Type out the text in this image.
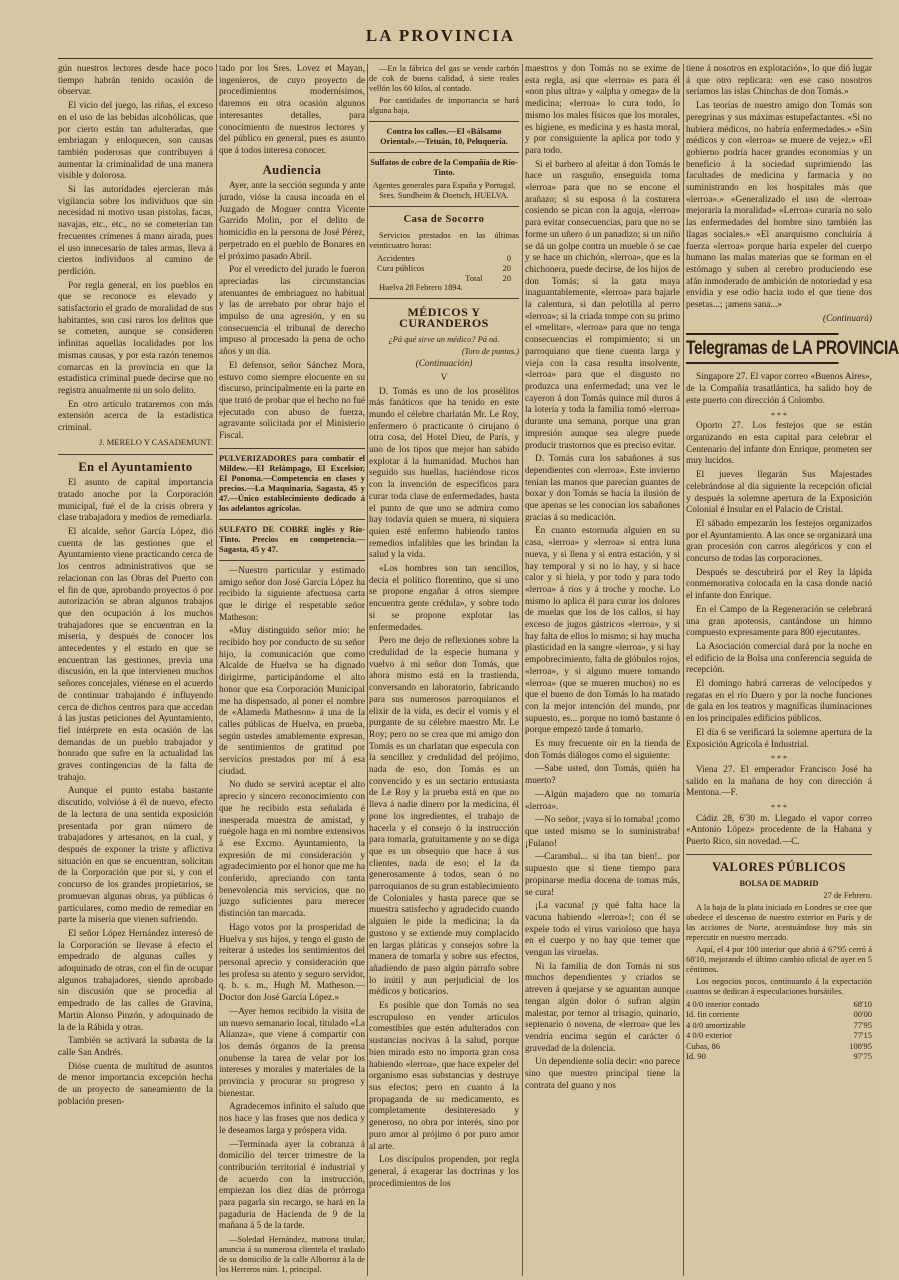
LA PROVINCIA

gún nuestros lectores desde hace poco tiempo habrán tenido ocasión de observar.

El vicio del juego, las riñas, el exceso en el uso de las bebidas alcohólicas, que por cierto están tan adulteradas, que embriagan y enloquecen, son causas también poderosas que contribuyen á aumentar la criminalidad de una manera visible y dolorosa.

Si las autoridades ejercieran más vigilancia sobre los individuos que sin necesidad ni motivo usan pistolas, facas, navajas, etc., etc., no se cometerían tan frecuentes crímenes á mano airada, pues el uso innecesario de tales armas, lleva á ciertos individuos al camino de perdición.

Por regla general, en los pueblos en que se reconoce es elevado y satisfactorio el grado de moralidad de sus habitantes, son casi raros los delitos que se cometen, aunque se consideren infinitas aquellas localidades por los mismas causas, y por esta razón tenemos comarcas en la provincia en que la estadística criminal puede decirse que no registra anualmente ni un solo delito.

En otro artículo trataremos con más extensión acerca de la estadística criminal.

J. MERELO Y CASADEMUNT.
En el Ayuntamiento

El asunto de capital importancia tratado anoche por la Corporación municipal, fué el de la crisis obrera y clase trabajadora y medios de remediarla.

El alcalde, señor García López, dió cuenta de las gestiones que el Ayuntamiento viene practicando cerca de los centros administrativos que se relacionan con las Obras del Puerto con el fin de que, aprobando proyectos ó por autorización se abran algunos trabajos que den ocupación á los muchos trabajadores que se encuentran en la miseria, y después de conocer los antecedentes y el estado en que se encuentran las gestiones, previa una discusión, en la que intervienen muchos señores concejales, viénese en el acuerdo de continuar trabajando é influyendo cerca de dichos centros para que accedan á las justas peticiones del Ayuntamiento, fiel intérprete en esta ocasión de las demandas de un pueblo trabajador y honrado que sufre en la actualidad las graves contingencias de la falta de trabajo.

Aunque el punto estaba bastante discutido, volvióse á él de nuevo, efecto de la lectura de una sentida exposición presentada por gran número de trabajadores y artesanos, en la cual, y después de exponer la triste y aflictiva situación en que se encuentran, solicitan de la Corporación que por sí, y con el concurso de los grandes propietarios, se promuevan algunas obras, ya públicas ó particulares, como medio de remediar en parte la miseria que vienen sufriendo.

El señor López Hernández interesó de la Corporación se llevase á efecto el empedrado de algunas calles y adoquinado de otras, con el fin de ocupar algunos trabajadores, siendo aprobado sin discusión que se procedia al empedrado de las calles de Gravina, Martín Alonso Pinzón, y adoquinado de la de la Rábida y otras.

También se activará la subasta de la calle San Andrés.

Dióse cuenta de multitud de asuntos de menor importancia excepción hecha de un proyecto de saneamiento de la población presen-

tado por los Sres. Lovez et Mayan, ingenieros, de cuyo proyecto de procedimientos modernísimos, daremos en otra ocasión algunos interesantes detalles, para conocimiento de nuestros lectores y del público en general, pues es asunto que á todos interesa conocer.

Audiencia

Ayer, ante la sección segunda y ante jurado, vióse la causa incoada en el Juzgado de Moguer contra Vicente Garrido Molin, por el delito de homicidio en la persona de José Pérez, perpetrado en el pueblo de Bonares en el próximo pasado Abril.

Por el veredicto del jurado le fueron apreciadas las circunstancias atenuantes de embriaguez no habitual y las de arrebato por obrar bajo el impulso de una agresión, y en su consecuencia el tribunal de derecho impuso al procesado la pena de ocho años y un día.

El defensor, señor Sánchez Mora, estuvo como siempre elocuente en su discurso, principalmente en la parte en que trató de probar que el hecho no fué ejecutado con abuso de fuerza, agravante solicitada por el Ministerio Fiscal.

PULVERIZADORES para combatir el Mildew.—El Relámpago, El Excelsior, El Ponoma.—Competencia en clases y precios.—La Maquinaria, Sagasta, 45 y 47.—Único establecimiento dedicado á los adelantos agrícolas.
SULFATO DE COBRE inglés y Río-Tinto. Precios en competencia.—Sagasta, 45 y 47.

—Nuestro particular y estimado amigo señor don José García López ha recibido la siguiente afectuosa carta que le dirige el respetable señor Matheson:

«Muy distinguido señor mío: he recibido hoy por conducto de su señor hijo, la comunicación que como Alcalde de Huelva se ha dignado dirigirme, participándome el alto honor que esa Corporación Municipal me ha dispensado, al poner el nombre de «Alameda Matheson» á una de la calles públicas de Huelva, en prueba, según ustedes amablemente expresan, de sentimientos de gratitud por servicios prestados por mí á esa ciudad.

No dudo se servirá aceptar el alto aprecio y sincero reconocimiento con que he recibido esta señalada é inesperada muestra de amistad, y ruégole haga en mi nombre extensivos á ese Excmo. Ayuntamiento, la expresión de mi consideración y agradecimiento por el honor que me ha conferido, apreciando con tanta benevolencia mis servicios, que no juzgo suficientes para merecer distinción tan marcada.

Hago votos por la prosperidad de Huelva y sus hijos, y tengo el gusto de reiterar á ustedes los sentimientos del personal aprecio y consideración que les profesa su atento y seguro servidor, q. b. s. m., Hugh M. Matheson.—Doctor don José García López.»

—Ayer hemos recibido la visita de un nuevo semanario local, titulado «La Alianza», que viene á compartir con los demás órganos de la prensa onubense la tarea de velar por los intereses y morales y materiales de la provincia y procurar su progreso y bienestar.

Agradecemos infinito el saludo que nos hace y las frases que nos dedica y le deseamos larga y próspera vida.

—Terminada ayer la cobranza á domicilio del tercer trimestre de la contribución territorial é industrial y de acuerdo con la instrucción, empiezan los diez días de prórroga para pagarla sin recargo, se hará en la pagaduría de Hacienda de 9 de la mañana á 5 de la tarde.

—Soledad Hernández, matrona titular, anuncia á su numerosa clientela el traslado de su domicilio de la calle Alborroz á la de los Herreros núm. 1, principal.

—En la fábrica del gas se vende carbón de cok de buena calidad, á siete reales vellón los 60 kilos, al contado.

Por cantidades de importancia se hará alguna baja.

Contra los callos.—El «Bálsamo Oriental».—Tetuán, 10, Peluquería.
Sulfatos de cobre de la Compañía de Río-Tinto.
Agentes generales para España y Portugal, Sres. Sundheim & Doetsch, HUELVA.
Casa de Socorro

Servicios prestados en las últimas veinticuatro horas:

Accidentes	0
Cura públicos	20
Total 20

Huelva 28 Febrero 1894.

MÉDICOS Y CURANDEROS

¿Pá qué sirve un médico? Pá ná.

(Toro de puntas.)

(Continuación)

V

D. Tomás es uno de los prosélitos más fanáticos que ha tenido en este mundo el célebre charlatán Mr. Le Roy, enfermero ó practicante ó cirujano ó otra cosa, del Hotel Dieu, de París, y uno de los tipos que mejor han sabido explotar á la humanidad. Muchos han seguido sus huellas, haciéndose ricos con la invención de específicos para curar toda clase de enfermedades, hasta el punto de que uno se admira como hay todavía quien se muera, ni siquiera quien esté enfermo habiendo tantos remedios infalibles que les brindan la salud y la vida.

«Los hombres son tan sencillos, decía el político florentino, que si uno se propone engañar á otros siempre encuentra gente crédula», y sobre todo si se propone explotar las enfermedades.

Pero me dejo de reflexiones sobre la credulidad de la especie humana y vuelvo á mi señor don Tomás, que ahora mismo está en la trastienda, conversando en laboratorio, fabricando para sus numerosos parroquianos el elixir de la vida, es decir el vomis y el purgante de su célebre maestro Mr. Le Roy; pero no se crea que mi amigo don Tomás es un charlatan que especula con la sencillez y credulidad del prójimo, nada de eso, don Tomás es un convencido y es un sectario entusiasta de Le Roy y la prueba está en que no lleva á nadie dinero por la medicina, él pone los ingredientes, el trabajo de hacerla y el consejo ó la instrucción para tomarla, gratuitamente y no se diga que es un obsequio que hace á sus clientes, nada de eso; el la da generosamente á todos, sean ó no parroquianos de su gran establecimiento de Coloniales y hasta parece que se muestra satisfecho y agradecido cuando alguien le pide la medicina; la da gustoso y se extiende muy complacido en largas pláticas y consejos sobre la manera de tomarla y sobre sus efectos, añadiendo de paso algún párrafo sobre lo inútil y aun perjudicial de los médicos y boticarios.

Es posible que don Tomás no sea escrupuloso en vender artículos comestibles que estén adulterados con sustancias nocivas á la salud, porque bien mirado esto no importa gran cosa habiendo «lerroa», que hace expeler del organismo esas substancias y destruye sus efectos; pero en cuanto á la propaganda de su medicamento, es completamente desinteresado y generoso, no obra por interés, sino por puro amor al prójimo ó por puro amor al arte.

Los discípulos propenden, por regla general, á exagerar las doctrinas y los procedimientos de los

maestros y don Tomás no se exime de esta regla, así que «lerroa» es para él «non plus ultra» y «alpha y omega» de la medicina; «lerroa» lo cura todo, lo mismo los males físicos que los morales, es higiene, es medicina y es hasta moral, y por consiguiente la aplica por todo y para todo.

Si el barbero al afeitar á don Tomás le hace un rasguño, enseguida toma «lerroa» para que no se encone el arañazo; si su esposa ó la costurera cosiendo se pican con la aguja, «lerroa» para evitar consecuencias, para que no se forme un uñero ó un panadizo; si un niño se dá un golpe contra un mueble ó se cae y se hace un chichón, «lerroa», que es la chichonera, puede decirse, de los hijos de don Tomás; si la gata maya inaguantablemente, «lerroa» para bajarle la calentura, si dan pelotilla al perro «lerroa»; si la criada tompe con su primo el «melitar», «lerroa» para que no tenga consecuencias el rompimiento; si un parroquiano que tiene cuenta larga y vieja con la casa resulta insolvente, «lerroa» para que el disgusto no produzca una enfermedad; una vez le cayeron á don Tomás quince mil duros á la lotería y toda la familia tomó «lerroa» durante una semana, porque una gran impresión aunque sea alegre puede producir trastornos que es preciso evitar.

D. Tomás cura los sabañones á sus dependientes con «lerroa». Este invierno tenían las manos que parecían guantes de boxar y don Tomás se hacía la ilusión de que apenas se les conocían los sabañones gracias á su medicación.

En cuanto estornuda alguien en su casa, «lerroa» y «lerroa» si entra luna nueva, y si llena y si entra estación, y si hay temporal y si no lo hay, y si hace calor y si hiela, y por todo y para todo «lerroa» á ríos y á troche y moche. Lo mismo lo aplica él para curar los dolores de muelas que los de los callos, si hay exceso de jugos gástricos «lerroa», y si hay falta de ellos lo mismo; si hay mucha plasticidad en la sangre «lerroa», y si hay empobrecimiento, falta de glóbulos rojos, «lerroa», y si alguno muere tomando «lerroa» (que se mueren muchos) no es que el bueno de don Tomás lo ha matado con la mejor intención del mundo, por supuesto, es... porque no tomó bastante ó porque empezó tarde á tomarlo.

Es muy frecuente oir en la tienda de don Tomás diálogos como el siguiente:

—Sabe usted, don Tomás, quién ha muerto?

—Algún majadero que no tomaría «lerroa».

—No señor, ¡vaya si lo tomaba! ¡como que usted mismo se lo suministraba! ¡Fulano!

—Carambal... si iba tan bien!.. por supuesto que si tiene tiempo para propinarse media docena de tomas más, se cura!

¡La vacuna! ¡y qué falta hace la vacuna habiendo «lerroa»!; con él se expele todo el virus varioloso que haya en el cuerpo y no hay que temer que vengan las viruelas.

Ni la familia de don Tomás ni sus muchos dependientes y criados se atreven á quejarse y se aguantan aunque tengan algún dolor ó sufran algún malestar, por temor al trisagio, quinario, septenario ó novena, de «lerroa» que les vendría encima según el carácter ó gravedad de la dolencia.

Un dependiente solía decir: «no parece sino que nuestro principal tiene la contrata del guano y nos

tiene á nosotros en explotación», lo que dió lugar á que otro replicara: «en ese caso nosotros seríamos las islas Chinchas de don Tomás.»

Las teorías de nuestro amigo don Tomás son peregrinas y sus máximas estupefactantes. «Si no hubiera médicos, no habría enfermedades.» «Sin médicos y con «lerroa» se muere de vejez.» «El gobierno podría hacer grandes economías y un beneficio á la sociedad suprimiendo las facultades de medicina y farmacia y no suministrando en los hospitales más que «lerroa».» «Generalizado el uso de «lerroa» mejoraría la moralidad» «Lerroa» curaría no solo las enfermedades del hombre sino también las llagas sociales.» «El anarquismo concluiría á fuerza «lerroa» porque haría expeler del cuerpo humano las malas materias que se forman en el estómago y suben al cerebro produciendo ese afán inmoderado de ambición de notoriedad y esa envidia y ese odio hacia todo el que tiene dos pesetas...; ¡amens sana...»

(Continuará)

Telegramas de LA PROVINCIA

Singapore 27. El vapor correo «Buenos Aires», de la Compañía trasatlántica, ha salido hoy de este puerto con dirección á Colombo.

* * *

Oporto 27. Los festejos que se están organizando en esta capital para celebrar el Centenario del infante don Enrique, prometen ser muy lucidos.

El jueves llegarán Sus Majestades celebrándose al día siguiente la recepción oficial y después la solemne apertura de la Exposición Colonial é Insular en el Palacio de Cristal.

El sábado empezarán los festejos organizados por el Ayuntamiento. A las once se organizará una gran procesión con carros alegóricos y con el concurso de todas las corporaciones.

Después se descubrirá por el Rey la lápida conmemorativa colocada en la casa donde nació el infante don Enrique.

En el Campo de la Regeneración se celebrará una gran apoteosis, cantándose un himno compuesto expresamente para 800 ejecutantes.

La Asociación comercial dará por la noche en el edificio de la Bolsa una conferencia seguida de recepción.

El domingo habrá carreras de velocípedos y regatas en el río Duero y por la noche funciones de gala en los teatros y magníficas iluminaciones en los principales edificios públicos.

El día 6 se verificará la solemne apertura de la Exposición Agrícola é Industrial.

* * *

Viena 27. El emperador Francisco José ha salido en la mañana de hoy con dirección á Mentona.—F.

* * *

Cádiz 28, 6'30 m. Llegado el vapor correo «Antonio López» procedente de la Habana y Puerto Rico, sin novedad.—C.

VALORES PÚBLICOS

BOLSA DE MADRID

27 de Febrero.

A la baja de la plata iniciada en Londres se cree que obedece el descenso de nuestro exterior en París y de las acciones de Norte, acentuándose hoy más sin repercutir en nuestro mercado.

Aquí, el 4 por 100 interior que abrió á 67'95 cerró á 68'10, mejorando el último cambio oficial de ayer en 5 céntimos.

Los negocios pocos, continuando á la expectación cuantos se dedican á especulaciones bursátiles.

4 0/0 interior contado	68'10
Id. fin corriente	00'00
4 0/0 amortizable	77'95
4 0/0 exterior	77'15
Cubas, 86	108'95
Id. 90	97'75
